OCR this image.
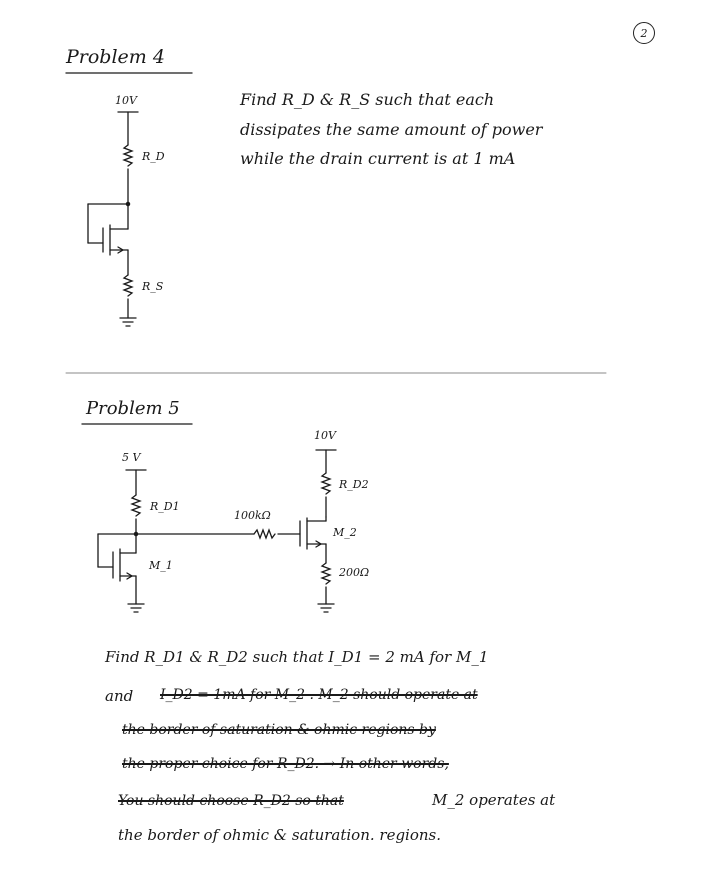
2
Problem 4
10V
R_D
R_S
Find R_D & R_S such that each
dissipates the same amount of power
while the drain current is at 1 mA
Problem 5
5 V
10V
R_D1
R_D2
100kΩ
M_2
M_1
200Ω
Find R_D1 & R_D2 such that I_D1 = 2 mA for M_1
and I_D2 = 1mA for M_2 . M_2 should operate at
the border of saturation & ohmic regions by
the proper choice for R_D2. → In other words,
You should choose R_D2 so that	M_2 operates at
the border of ohmic & saturation. regions.
